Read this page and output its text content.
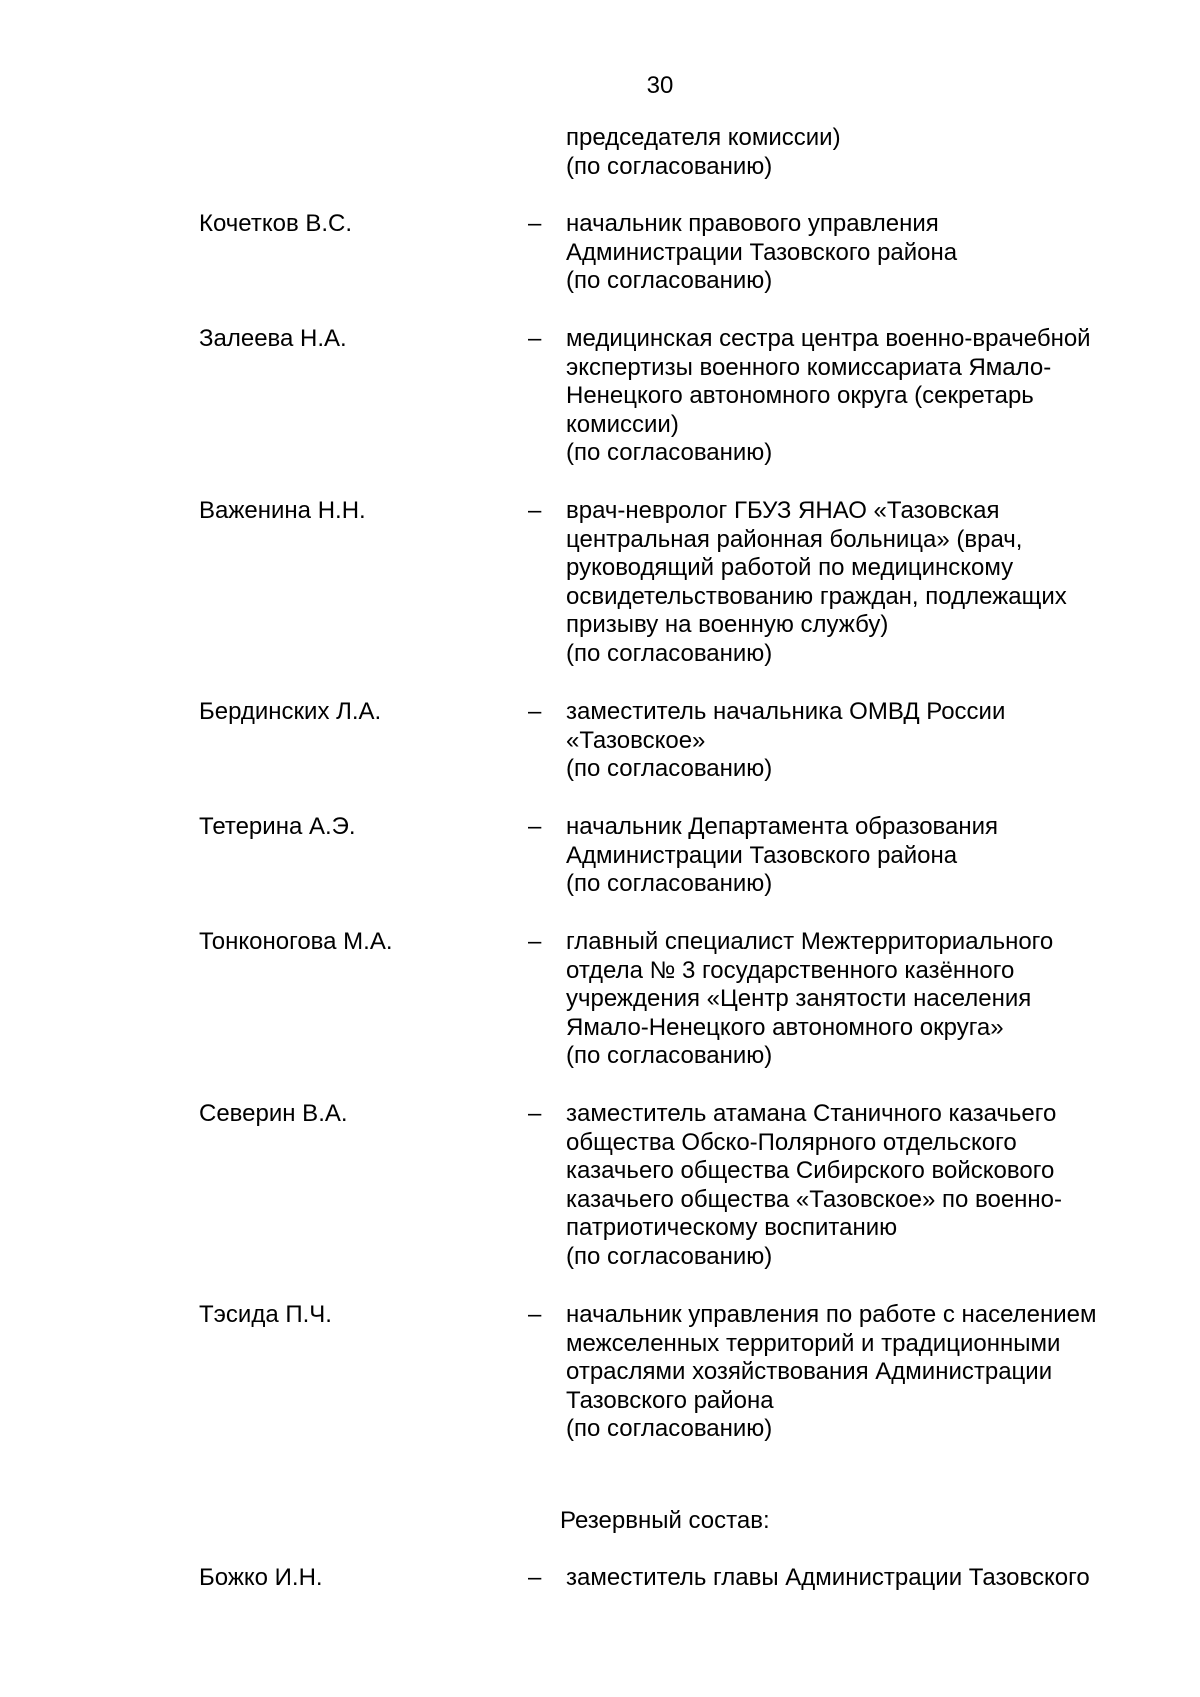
30
председателя комиссии)
(по согласованию)
Кочетков В.С.	– начальник правового управления
Администрации Тазовского района
(по согласованию)
Залеева Н.А.	– медицинская сестра центра военно-врачебной
экспертизы военного комиссариата Ямало-
Ненецкого автономного округа (секретарь
комиссии)
(по согласованию)
Важенина Н.Н.	– врач-невролог ГБУЗ ЯНАО «Тазовская
центральная районная больница» (врач,
руководящий работой по медицинскому
освидетельствованию граждан, подлежащих
призыву на военную службу)
(по согласованию)
Бердинских Л.А.	– заместитель начальника ОМВД России
«Тазовское»
(по согласованию)
Тетерина А.Э.	– начальник Департамента образования
Администрации Тазовского района
(по согласованию)
Тонконогова М.А.	– главный специалист Межтерриториального
отдела № 3 государственного казённого
учреждения «Центр занятости населения
Ямало-Ненецкого автономного округа»
(по согласованию)
Северин В.А.	– заместитель атамана Станичного казачьего
общества Обско-Полярного отдельского
казачьего общества Сибирского войскового
казачьего общества «Тазовское» по военно-
патриотическому воспитанию
(по согласованию)
Тэсида П.Ч.	– начальник управления по работе с населением
межселенных территорий и традиционными
отраслями хозяйствования Администрации
Тазовского района
(по согласованию)
Резервный состав:
Божко И.Н.	– заместитель главы Администрации Тазовского
